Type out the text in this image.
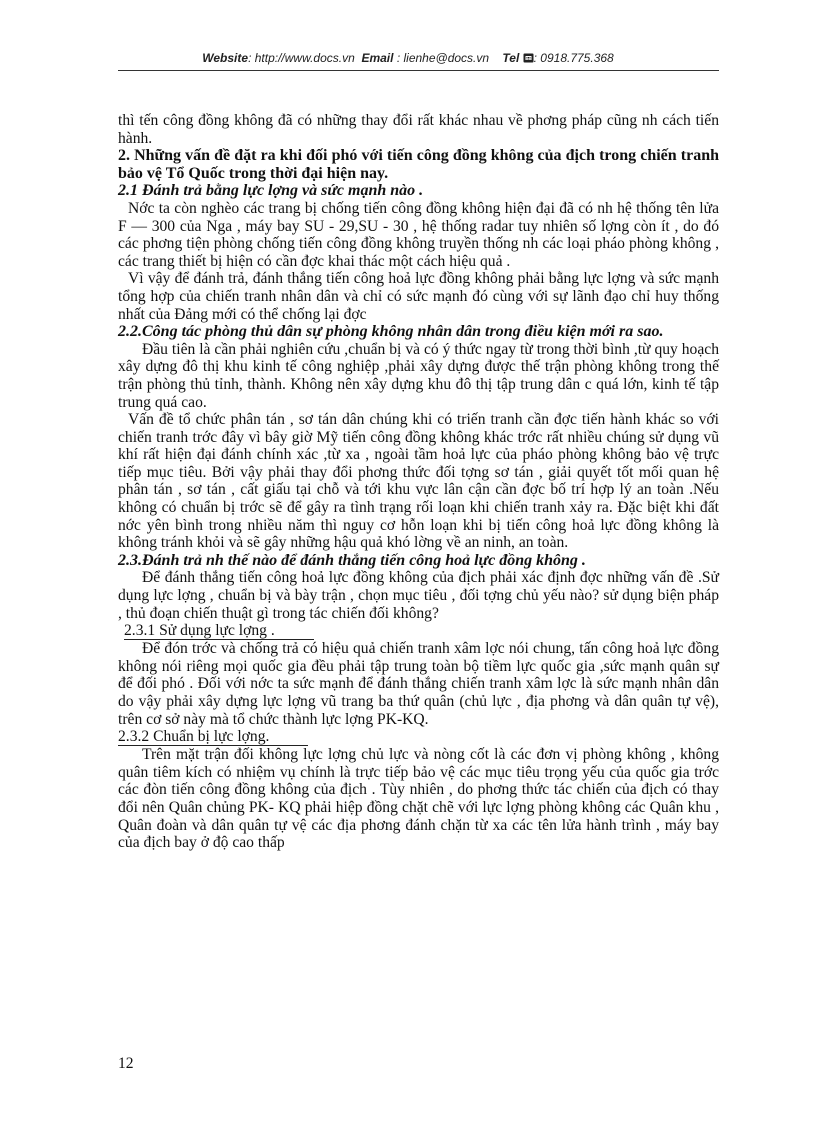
Website: http://www.docs.vn Email : lienhe@docs.vn Tel : 0918.775.368

thì tến công đồng không đã có những thay đổi rất khác nhau về phơng pháp cũng nh cách tiến hành.

2. Những vấn đề đặt ra khi đối phó với tiến công đồng không của địch trong chiến tranh bảo vệ Tổ Quốc trong thời đại hiện nay.

2.1 Đánh trả bằng lực lợng và sức mạnh nào .

Nớc ta còn nghèo các trang bị chống tiến công đồng không hiện đại đã có nh hệ thống tên lửa F — 300 của Nga , máy bay SU - 29,SU - 30 , hệ thống radar tuy nhiên số lợng còn ít , do đó các phơng tiện phòng chống tiến công đồng không truyền thống nh các loại pháo phòng không , các trang thiết bị hiện có cần đợc khai thác một cách hiệu quả .

Vì vậy để đánh trả, đánh thắng tiến công hoả lực đồng không phải bằng lực lợng và sức mạnh tổng hợp của chiến tranh nhân dân và chỉ có sức mạnh đó cùng với sự lãnh đạo chỉ huy thống nhất của Đảng mới có thể chống lại đợc

2.2.Công tác phòng thủ dân sự phòng không nhân dân trong điều kiện mới ra sao.

Đầu tiên là cần phải nghiên cứu ,chuẩn bị và có ý thức ngay từ trong thời bình ,từ quy hoạch xây dựng đô thị khu kinh tế công nghiệp ,phải xây dựng được thế trận phòng không trong thế trận phòng thủ tỉnh, thành. Không nên xây dựng khu đô thị tập trung dân c quá lớn, kinh tế tập trung quá cao.

Vấn đề tổ chức phân tán , sơ tán dân chúng khi có triến tranh cần đợc tiến hành khác so với chiến tranh trớc đây vì bây giờ Mỹ tiến công đồng không khác trớc rất nhiều chúng sử dụng vũ khí rất hiện đại đánh chính xác ,từ xa , ngoài tầm hoả lực của pháo phòng không bảo vệ trực tiếp mục tiêu. Bởi vậy phải thay đổi phơng thức đối tợng sơ tán , giải quyết tốt mối quan hệ phân tán , sơ tán , cất giấu tại chỗ và tới khu vực lân cận cần đợc bố trí hợp lý an toàn .Nếu không có chuẩn bị trớc sẽ để gây ra tình trạng rối loạn khi chiến tranh xảy ra. Đặc biệt khi đất nớc yên bình trong nhiều năm thì nguy cơ hỗn loạn khi bị tiến công hoả lực đồng không là không tránh khỏi và sẽ gây những hậu quả khó lờng về an ninh, an toàn.

2.3.Đánh trả nh thế nào để đánh thắng tiến công hoả lực đồng không .

Để đánh thắng tiến công hoả lực đồng không của địch phải xác định đợc những vấn đề .Sử dụng lực lợng , chuẩn bị và bày trận , chọn mục tiêu , đối tợng chủ yếu nào? sử dụng biện pháp , thủ đoạn chiến thuật gì trong tác chiến đối không?

2.3.1 Sử dụng lực lợng .

Để đón trớc và chống trả có hiệu quả chiến tranh xâm lợc nói chung, tấn công hoả lực đồng không nói riêng mọi quốc gia đều phải tập trung toàn bộ tiềm lực quốc gia ,sức mạnh quân sự để đối phó . Đối với nớc ta sức mạnh để đánh thắng chiến tranh xâm lợc là sức mạnh nhân dân do vậy phải xây dựng lực lợng vũ trang ba thứ quân (chủ lực , địa phơng và dân quân tự vệ), trên cơ sở này mà tổ chức thành lực lợng PK-KQ.

2.3.2 Chuẩn bị lực lợng.

Trên mặt trận đối không lực lợng chủ lực và nòng cốt là các đơn vị phòng không , không quân tiêm kích có nhiệm vụ chính là trực tiếp bảo vệ các mục tiêu trọng yếu của quốc gia trớc các đòn tiến công đồng không của địch . Tùy nhiên , do phơng thức tác chiến của địch có thay đổi nên Quân chủng PK- KQ phải hiệp đồng chặt chẽ với lực lợng phòng không các Quân khu , Quân đoàn và dân quân tự vệ các địa phơng đánh chặn từ xa các tên lửa hành trình , máy bay của địch bay ở độ cao thấp

12
